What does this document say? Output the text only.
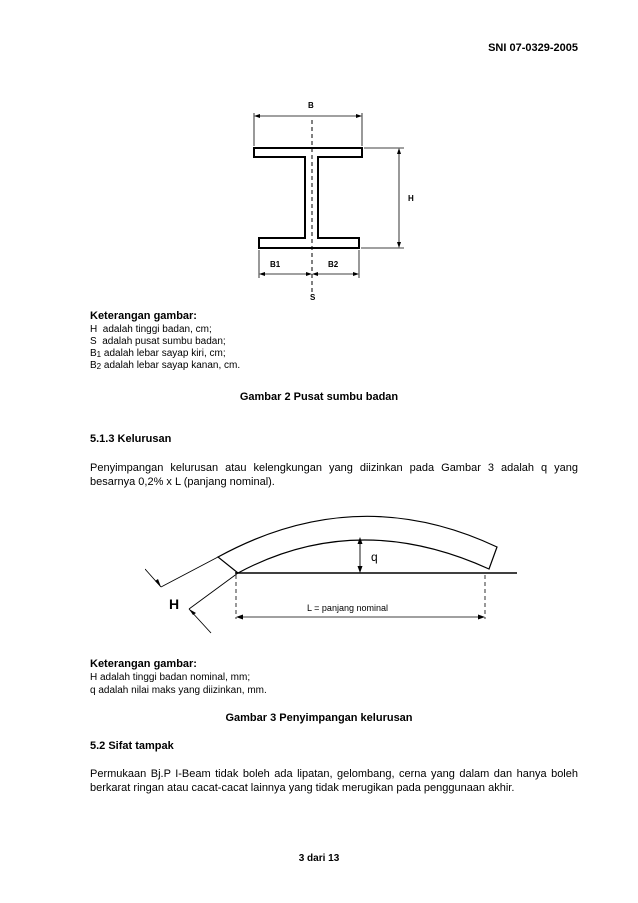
SNI 07-0329-2005
B
H
B1	B2
S
Keterangan gambar:
H adalah tinggi badan, cm;
S adalah pusat sumbu badan;
B1 adalah lebar sayap kiri, cm;
B2 adalah lebar sayap kanan, cm.
Gambar 2 Pusat sumbu badan
5.1.3 Kelurusan
Penyimpangan kelurusan atau kelengkungan yang diizinkan pada Gambar 3 adalah q yang besarnya 0,2% x L (panjang nominal).
L = panjang nominal
q
H
Keterangan gambar:
H adalah tinggi badan nominal, mm;
q adalah nilai maks yang diizinkan, mm.
Gambar 3 Penyimpangan kelurusan
5.2 Sifat tampak
Permukaan Bj.P I-Beam tidak boleh ada lipatan, gelombang, cerna yang dalam dan hanya boleh berkarat ringan atau cacat-cacat lainnya yang tidak merugikan pada penggunaan akhir.
3 dari 13
